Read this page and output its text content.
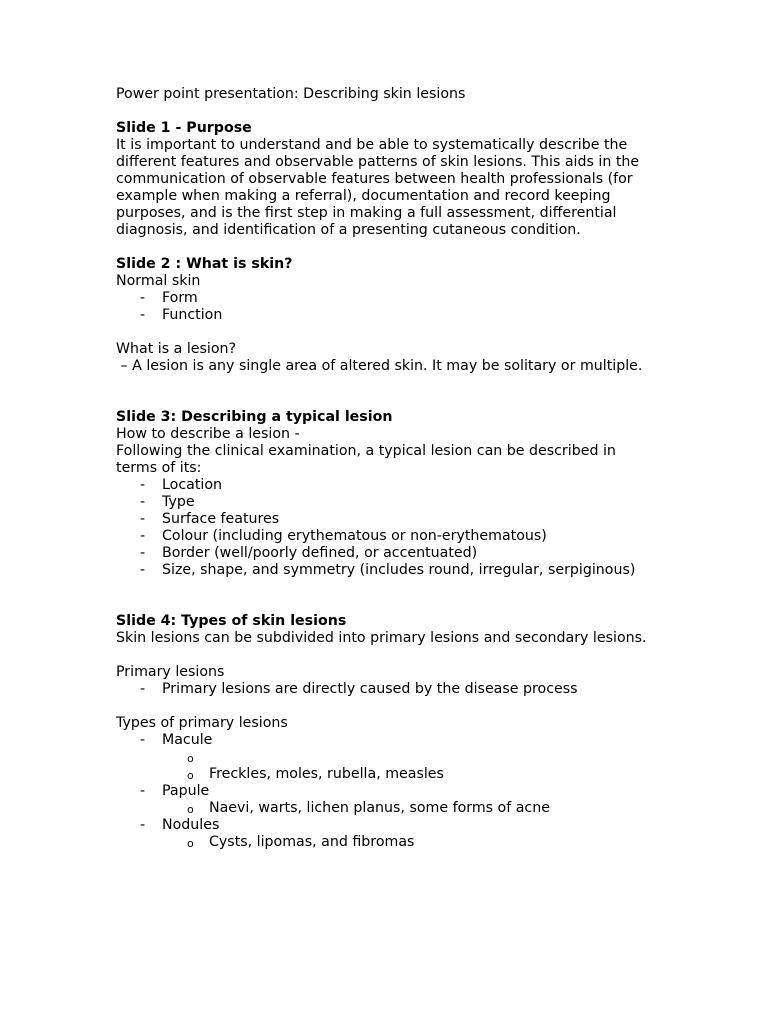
Power point presentation: Describing skin lesions

Slide 1 - Purpose

It is important to understand and be able to systematically describe the different features and observable patterns of skin lesions. This aids in the communication of observable features between health professionals (for example when making a referral), documentation and record keeping purposes, and is the first step in making a full assessment, differential diagnosis, and identification of a presenting cutaneous condition.

Slide 2 : What is skin?
Normal skin
- Form
- Function
What is a lesion?

– A lesion is any single area of altered skin. It may be solitary or multiple.

Slide 3: Describing a typical lesion
How to describe a lesion -

Following the clinical examination, a typical lesion can be described in terms of its:

- Location
- Type
- Surface features
- Colour (including erythematous or non-erythematous)
- Border (well/poorly defined, or accentuated)
- Size, shape, and symmetry (includes round, irregular, serpiginous)
Slide 4: Types of skin lesions

Skin lesions can be subdivided into primary lesions and secondary lesions.

Primary lesions
- Primary lesions are directly caused by the disease process
Types of primary lesions
- Macule
o
o Freckles, moles, rubella, measles
- Papule
o Naevi, warts, lichen planus, some forms of acne
- Nodules
o Cysts, lipomas, and fibromas
